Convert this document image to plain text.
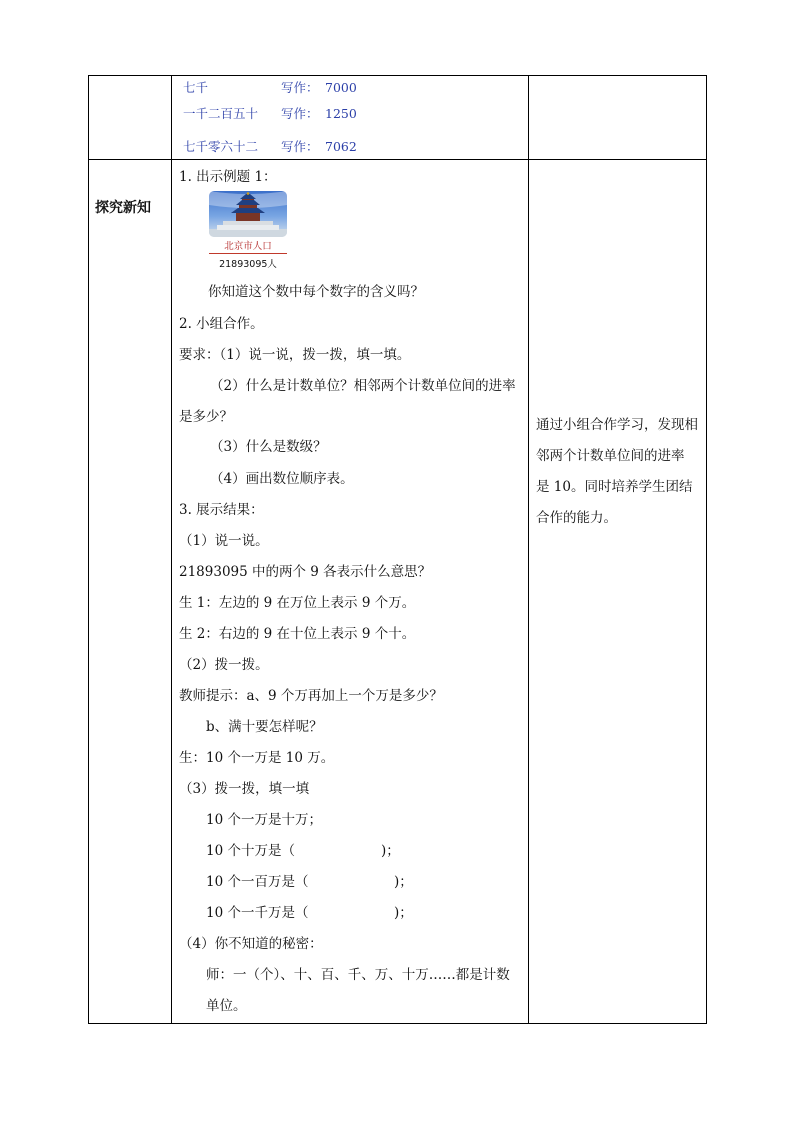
七千	写作： 7000
一千二百五十 写作： 1250
七千零六十二 写作： 7062
探究新知
1. 出示例题 1：
北京市人口
21893095人
你知道这个数中每个数字的含义吗？
2. 小组合作。
要求：（1）说一说，拨一拨，填一填。
（2）什么是计数单位？相邻两个计数单位间的进率
是多少？
（3）什么是数级？
（4）画出数位顺序表。
3. 展示结果：
（1）说一说。
21893095 中的两个 9 各表示什么意思？
生 1：左边的 9 在万位上表示 9 个万。
生 2：右边的 9 在十位上表示 9 个十。
（2）拨一拨。
教师提示：a、9 个万再加上一个万是多少？
b、满十要怎样呢？
生：10 个一万是 10 万。
（3）拨一拨，填一填
10 个一万是十万；
10 个十万是（	)；
10 个一百万是（	)；
10 个一千万是（	)；
（4）你不知道的秘密：
师：一（个）、十、百、千、万、十万……都是计数
单位。
通过小组合作学习，发现相
邻两个计数单位间的进率
是 10。同时培养学生团结
合作的能力。
